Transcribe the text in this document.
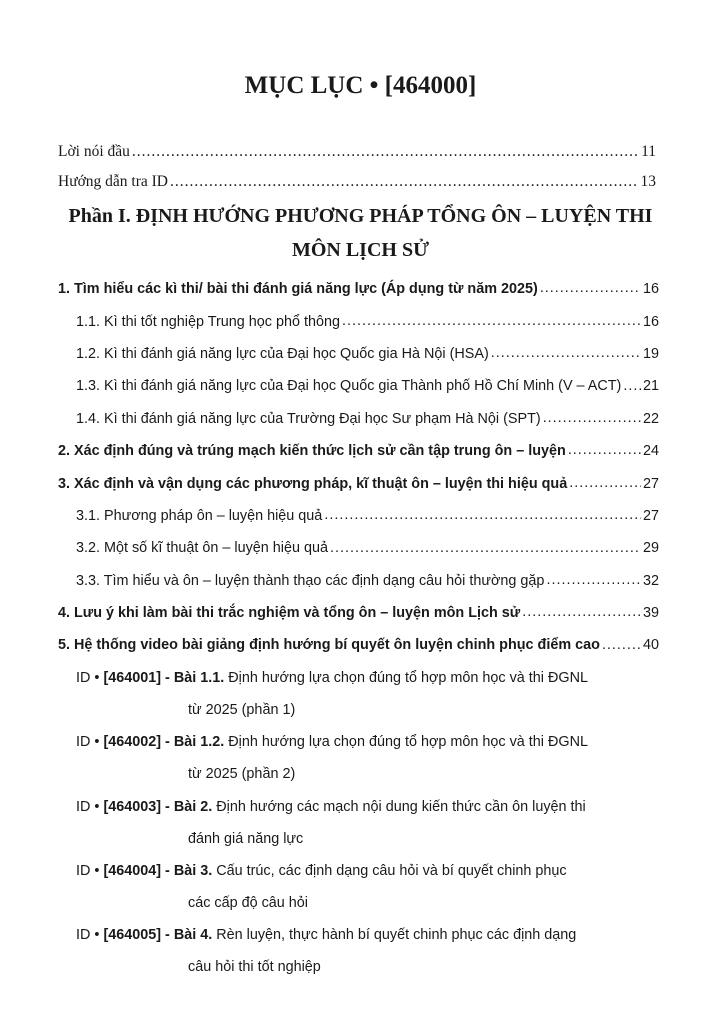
MỤC LỤC • [464000]
Lời nói đầu .....	11
Hướng dẫn tra ID .....	13
Phần I. ĐỊNH HƯỚNG PHƯƠNG PHÁP TỔNG ÔN – LUYỆN THI
MÔN LỊCH SỬ
1. Tìm hiểu các kì thi/ bài thi đánh giá năng lực (Áp dụng từ năm 2025) .....	16
1.1. Kì thi tốt nghiệp Trung học phổ thông .....	16
1.2. Kì thi đánh giá năng lực của Đại học Quốc gia Hà Nội (HSA) .....	19
1.3. Kì thi đánh giá năng lực của Đại học Quốc gia Thành phố Hồ Chí Minh (V – ACT) ..... 21
1.4. Kì thi đánh giá năng lực của Trường Đại học Sư phạm Hà Nội (SPT) .....	22
2. Xác định đúng và trúng mạch kiến thức lịch sử cần tập trung ôn – luyện .....	24
3. Xác định và vận dụng các phương pháp, kĩ thuật ôn – luyện thi hiệu quả .....	27
3.1. Phương pháp ôn – luyện hiệu quả .....	27
3.2. Một số kĩ thuật ôn – luyện hiệu quả .....	29
3.3. Tìm hiểu và ôn – luyện thành thạo các định dạng câu hỏi thường gặp .....	32
4. Lưu ý khi làm bài thi trắc nghiệm và tổng ôn – luyện môn Lịch sử .....	39
5. Hệ thống video bài giảng định hướng bí quyết ôn luyện chinh phục điểm cao .....	40
ID •
[464001] - Bài 1.1. Định hướng lựa chọn đúng tổ hợp môn học và thi ĐGNL
từ 2025 (phần 1)
ID •
[464002] - Bài 1.2. Định hướng lựa chọn đúng tổ hợp môn học và thi ĐGNL
từ 2025 (phần 2)
ID •
[464003] - Bài 2. Định hướng các mạch nội dung kiến thức cần ôn luyện thi
đánh giá năng lực
ID •
[464004] - Bài 3. Cấu trúc, các định dạng câu hỏi và bí quyết chinh phục
các cấp độ câu hỏi
ID •
[464005] - Bài 4. Rèn luyện, thực hành bí quyết chinh phục các định dạng
câu hỏi thi tốt nghiệp
